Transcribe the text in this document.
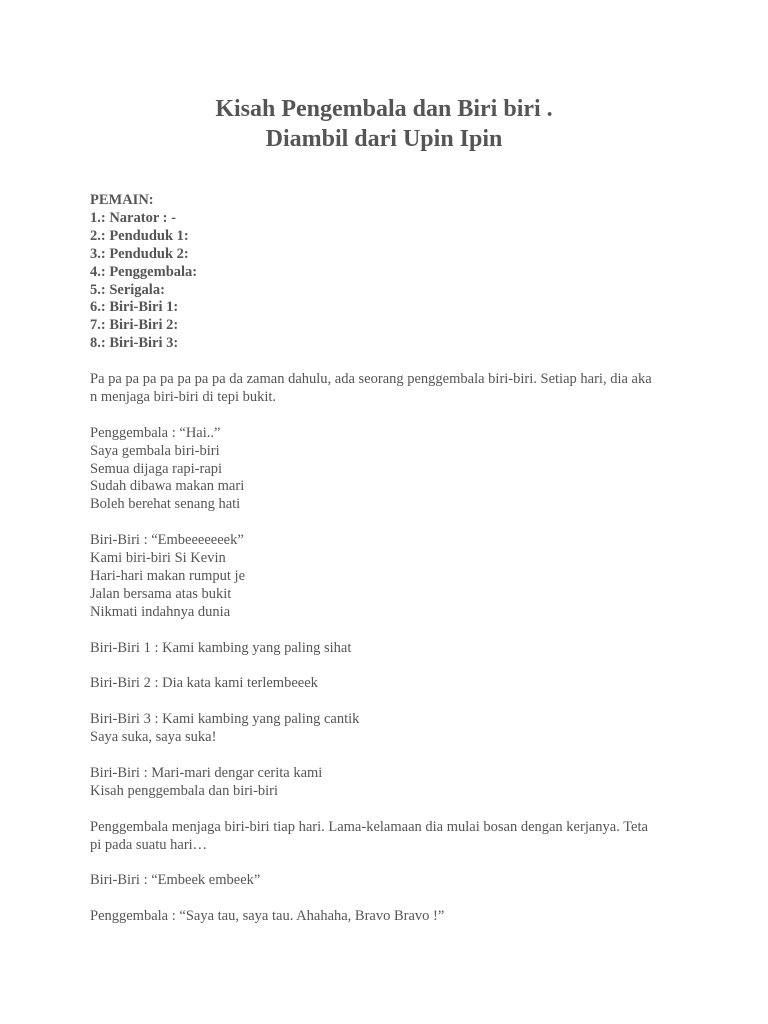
Kisah Pengembala dan Biri biri .
Diambil dari Upin Ipin
PEMAIN:
1.: Narator : -
2.: Penduduk 1:
3.: Penduduk 2:
4.: Penggembala:
5.: Serigala:
6.: Biri-Biri 1:
7.: Biri-Biri 2:
8.: Biri-Biri 3:
Pa pa pa pa pa pa pa pa da zaman dahulu, ada seorang penggembala biri-biri. Setiap hari, dia aka
n menjaga biri-biri di tepi bukit.
Penggembala : “Hai..”
Saya gembala biri-biri
Semua dijaga rapi-rapi
Sudah dibawa makan mari
Boleh berehat senang hati
Biri-Biri : “Embeeeeeeek”
Kami biri-biri Si Kevin
Hari-hari makan rumput je
Jalan bersama atas bukit
Nikmati indahnya dunia
Biri-Biri 1 : Kami kambing yang paling sihat
Biri-Biri 2 : Dia kata kami terlembeeek
Biri-Biri 3 : Kami kambing yang paling cantik
Saya suka, saya suka!
Biri-Biri : Mari-mari dengar cerita kami
Kisah penggembala dan biri-biri
Penggembala menjaga biri-biri tiap hari. Lama-kelamaan dia mulai bosan dengan kerjanya. Teta
pi pada suatu hari…
Biri-Biri : “Embeek embeek”
Penggembala : “Saya tau, saya tau. Ahahaha, Bravo Bravo !”
